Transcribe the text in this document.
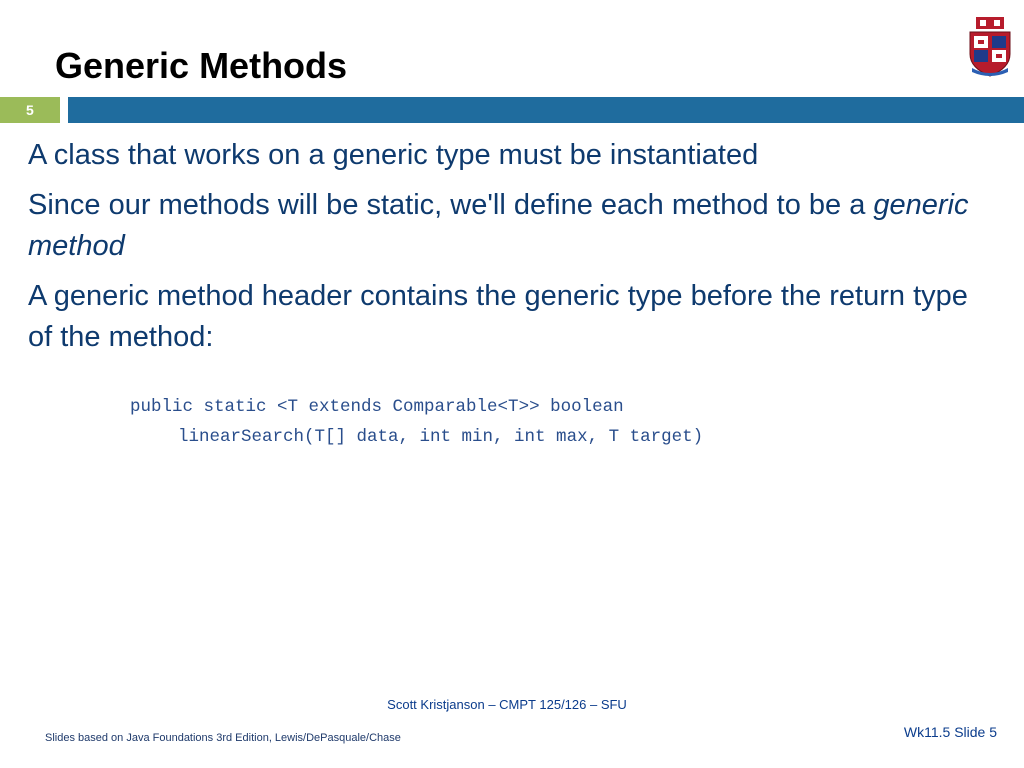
Generic Methods
5

A class that works on a generic type must be instantiated

Since our methods will be static, we'll define each method to be a generic method

A generic method header contains the generic type before the return type of the method:

public static <T extends Comparable<T>> boolean
linearSearch(T[] data, int min, int max, T target)
Scott Kristjanson – CMPT 125/126 – SFU
Slides based on Java Foundations 3rd Edition, Lewis/DePasquale/Chase	Wk11.5 Slide 5
